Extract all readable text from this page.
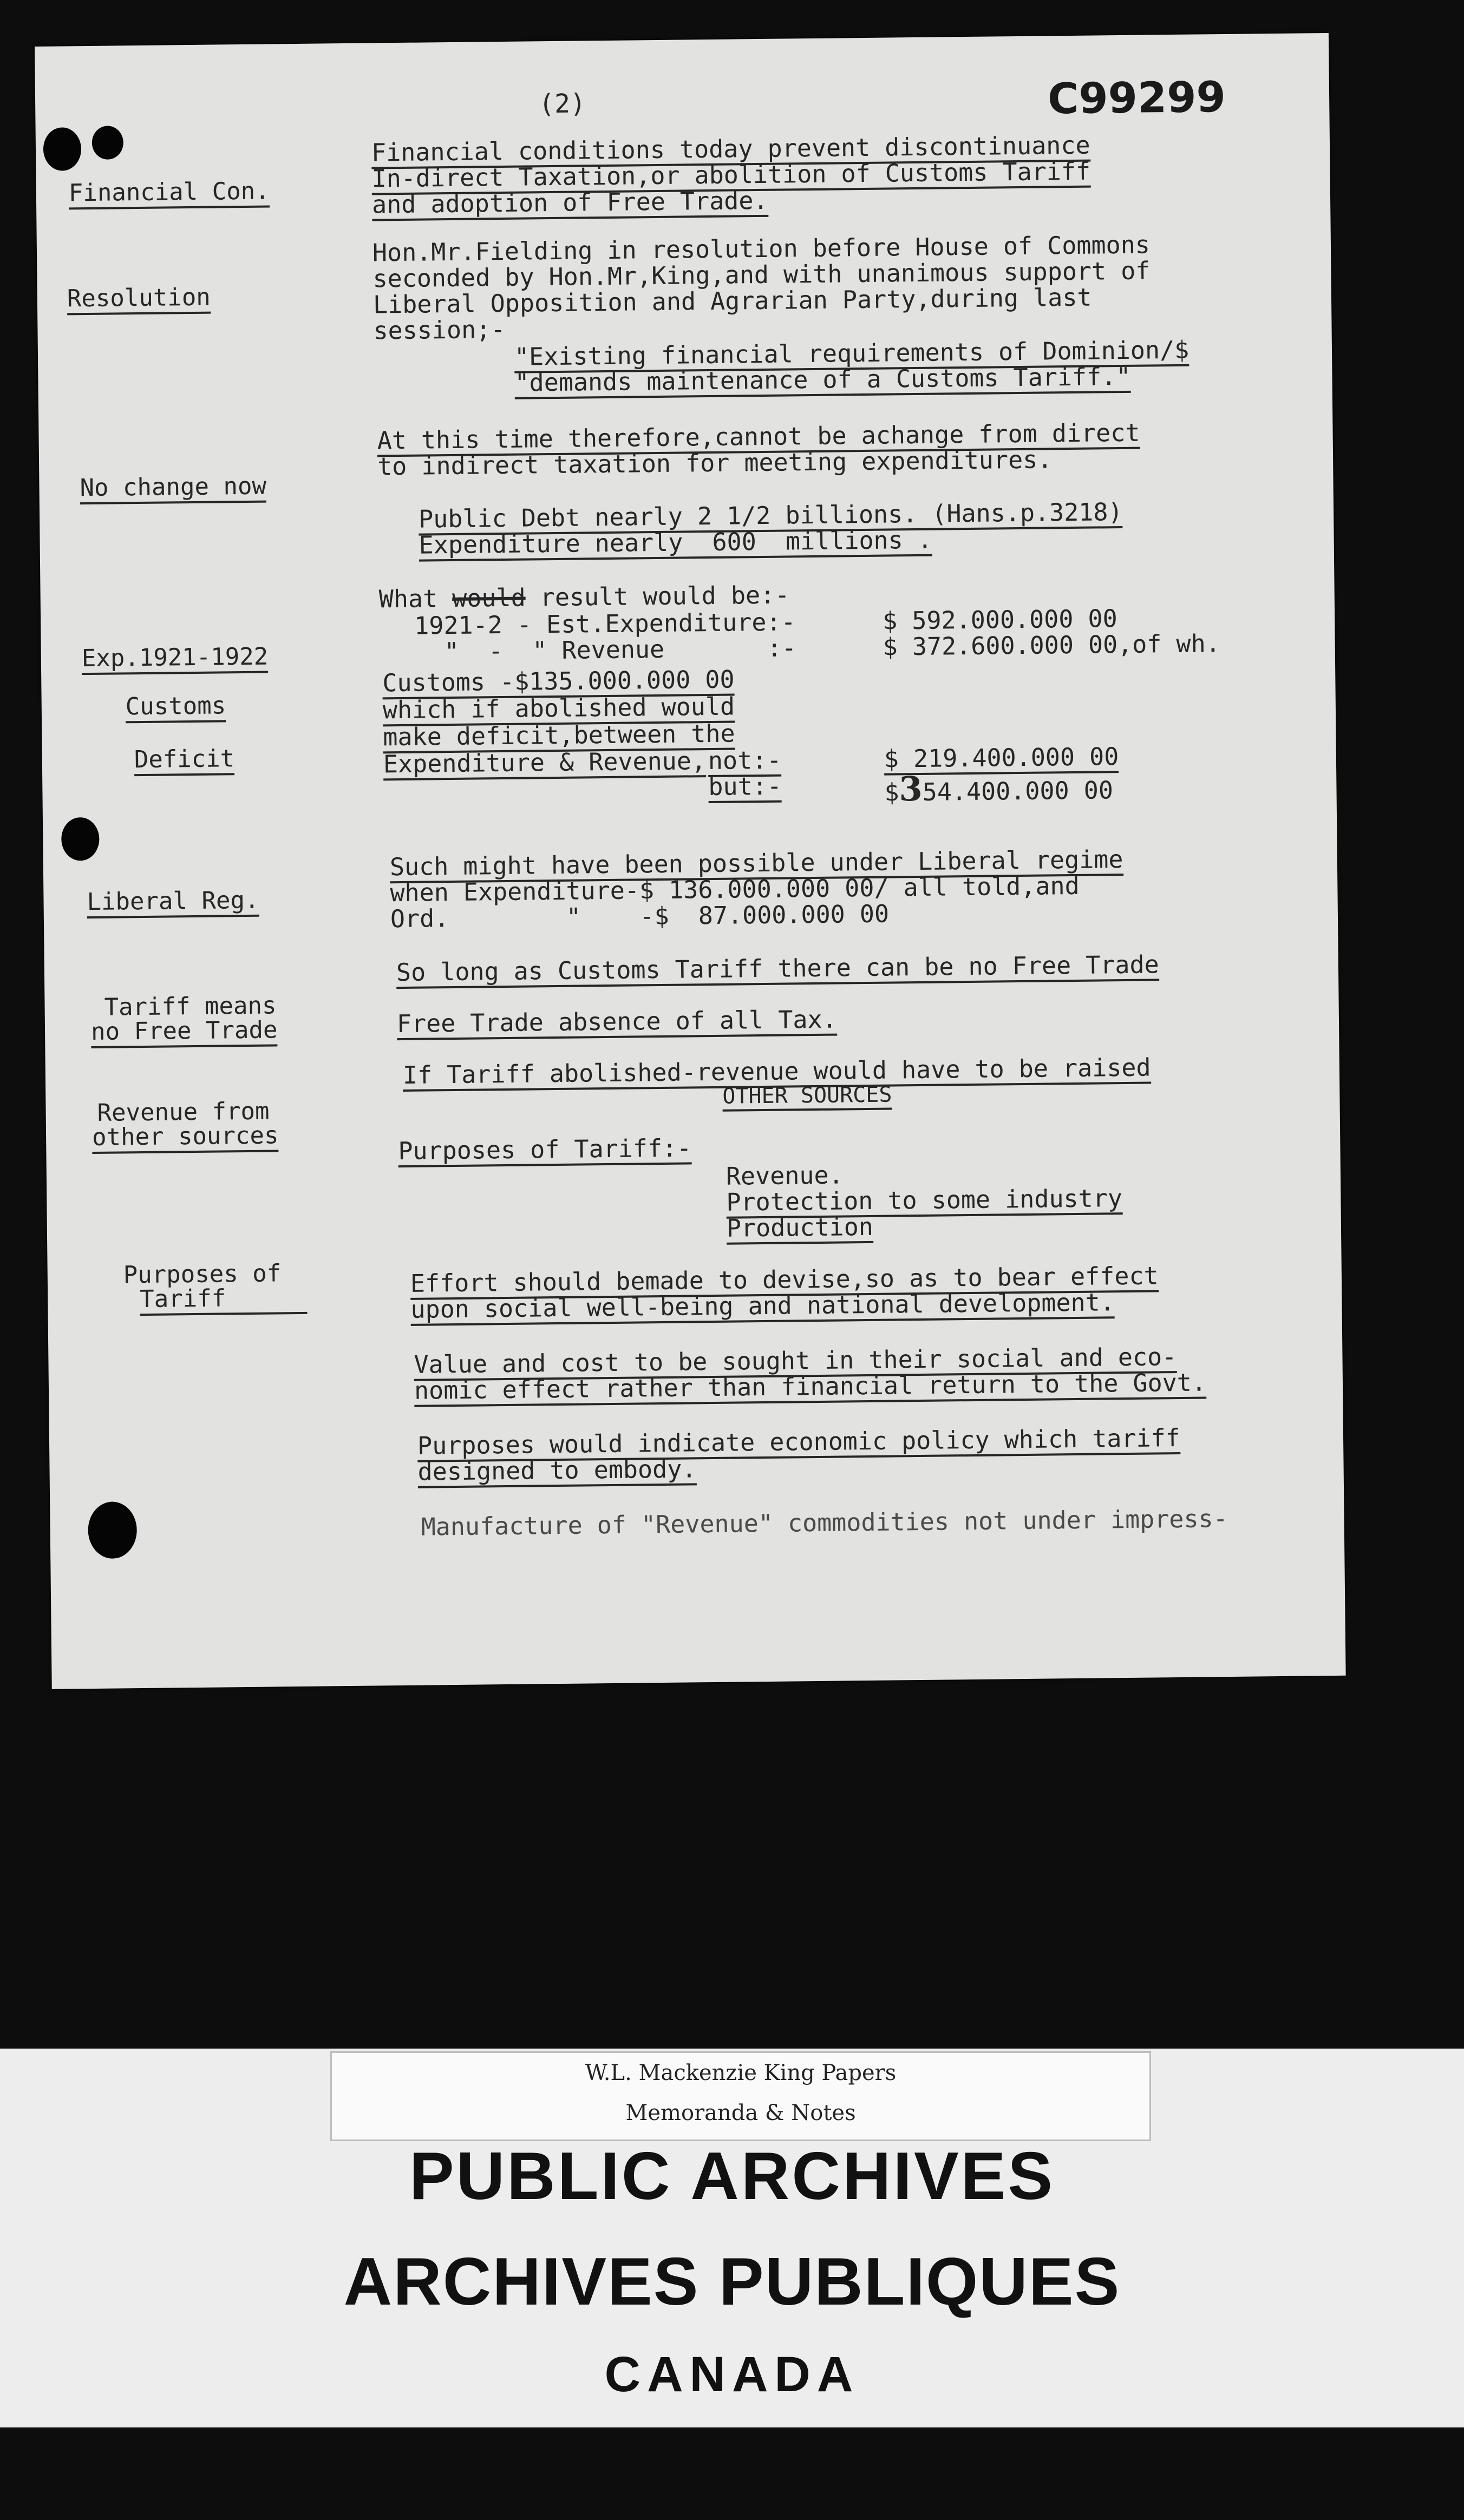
(2)	C99299
Financial Con.
Resolution
No change now
Exp.1921-1922
Customs
Deficit
Liberal Reg.
Tariff means
no Free Trade
Revenue from
other sources
Purposes of
Tariff
Financial conditions today prevent discontinuance
In-direct Taxation,or abolition of Customs Tariff
and adoption of Free Trade.
Hon.Mr.Fielding in resolution before House of Commons
seconded by Hon.Mr,King,and with unanimous support of
Liberal Opposition and Agrarian Party,during last
session;-
"Existing financial requirements of Dominion/$
"demands maintenance of a Customs Tariff."
At this time therefore,cannot be achange from direct
to indirect taxation for meeting expenditures.
Public Debt nearly 2 1/2 billions. (Hans.p.3218)
Expenditure nearly  600  millions .
What would result would be:-
1921-2 - Est.Expenditure:-	$ 592.000.000 00
"  -  " Revenue       :-	$ 372.600.000 00,of wh.
Customs -$135.000.000 00
which if abolished would
make deficit,between the
Expenditure & Revenue, not:-	$ 219.400.000 00
but:-	$354.400.000 00
Such might have been possible under Liberal regime
when Expenditure-$ 136.000.000 00/ all told,and
Ord.        "    -$  87.000.000 00
So long as Customs Tariff there can be no Free Trade
Free Trade absence of all Tax.
If Tariff abolished-revenue would have to be raised
OTHER SOURCES
Purposes of Tariff:-
Revenue.
Protection to some industry
Production
Effort should bemade to devise,so as to bear effect
upon social well-being and national development.
Value and cost to be sought in their social and eco-
nomic effect rather than financial return to the Govt.
Purposes would indicate economic policy which tariff
designed to embody.
Manufacture of "Revenue" commodities not under impress-
W.L. Mackenzie King Papers
Memoranda & Notes
PUBLIC ARCHIVES
ARCHIVES PUBLIQUES
CANADA
